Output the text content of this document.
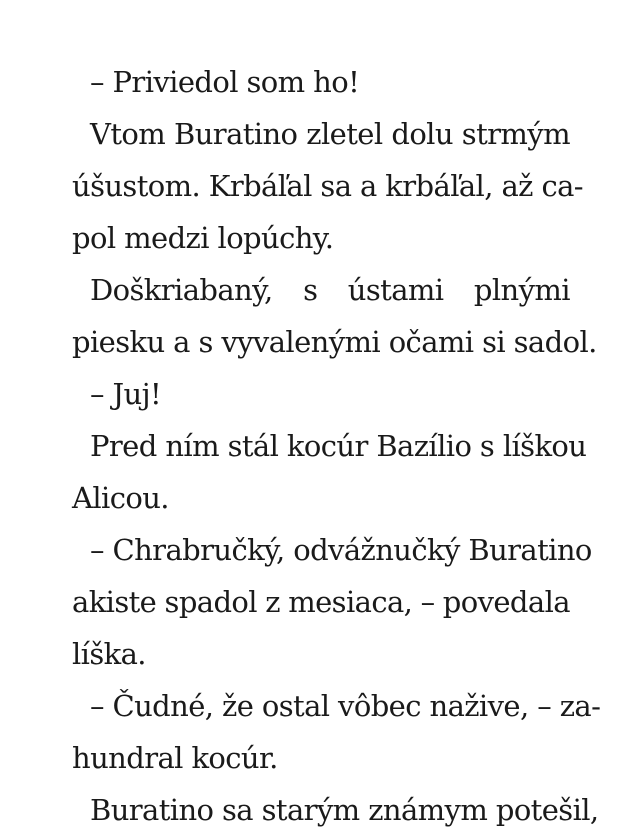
– Priviedol som ho!
Vtom Buratino zletel dolu strmým
úšustom. Krbáľal sa a krbáľal, až ca-
pol medzi lopúchy.
Doškriabaný, s ústami plnými
piesku a s vyvalenými očami si sadol.
– Juj!
Pred ním stál kocúr Bazílio s líškou
Alicou.
– Chrabručký, odvážnučký Buratino
akiste spadol z mesiaca, – povedala
líška.
– Čudné, že ostal vôbec nažive, – za-
hundral kocúr.
Buratino sa starým známym potešil,
